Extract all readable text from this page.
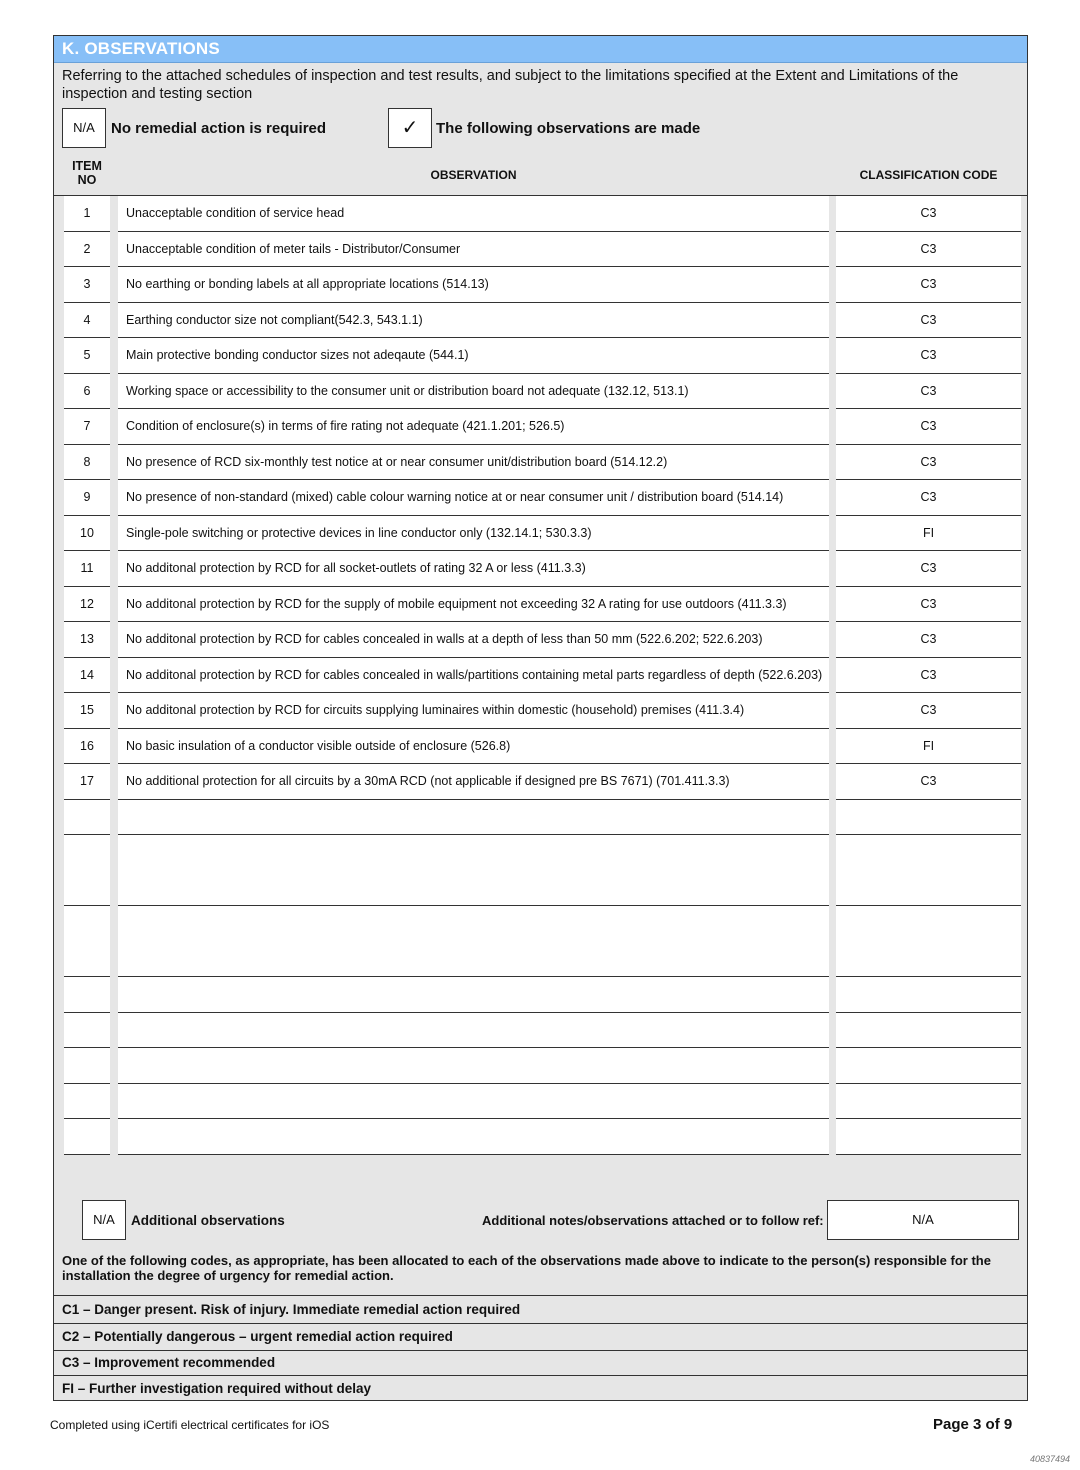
K. OBSERVATIONS
Referring to the attached schedules of inspection and test results, and subject to the limitations specified at the Extent and Limitations of the inspection and testing section
N/A	No remedial action is required	✓	The following observations are made
ITEM
NO	OBSERVATION	CLASSIFICATION CODE
1	Unacceptable condition of service head	C3
2	Unacceptable condition of meter tails - Distributor/Consumer	C3
3	No earthing or bonding labels at all appropriate locations (514.13)	C3
4	Earthing conductor size not compliant(542.3, 543.1.1)	C3
5	Main protective bonding conductor sizes not adeqaute (544.1)	C3
6	Working space or accessibility to the consumer unit or distribution board not adequate (132.12, 513.1)	C3
7	Condition of enclosure(s) in terms of fire rating not adequate (421.1.201; 526.5)	C3
8	No presence of RCD six-monthly test notice at or near consumer unit/distribution board (514.12.2)	C3
9	No presence of non-standard (mixed) cable colour warning notice at or near consumer unit / distribution board (514.14)	C3
10	Single-pole switching or protective devices in line conductor only (132.14.1; 530.3.3)	FI
11	No additonal protection by RCD for all socket-outlets of rating 32 A or less (411.3.3)	C3
12	No additonal protection by RCD for the supply of mobile equipment not exceeding 32 A rating for use outdoors (411.3.3)	C3
13	No additonal protection by RCD for cables concealed in walls at a depth of less than 50 mm (522.6.202; 522.6.203)	C3
14	No additonal protection by RCD for cables concealed in walls/partitions containing metal parts regardless of depth (522.6.203)	C3
15	No additonal protection by RCD for circuits supplying luminaires within domestic (household) premises (411.3.4)	C3
16	No basic insulation of a conductor visible outside of enclosure (526.8)	FI
17	No additional protection for all circuits by a 30mA RCD (not applicable if designed pre BS 7671) (701.411.3.3)	C3
N/A	Additional observations	Additional notes/observations attached or to follow ref:	N/A
One of the following codes, as appropriate, has been allocated to each of the observations made above to indicate to the person(s) responsible for the installation the degree of urgency for remedial action.
C1 – Danger present. Risk of injury. Immediate remedial action required
C2 – Potentially dangerous – urgent remedial action required
C3 – Improvement recommended
FI – Further investigation required without delay
Completed using iCertifi electrical certificates for iOS	Page 3 of 9
40837494
